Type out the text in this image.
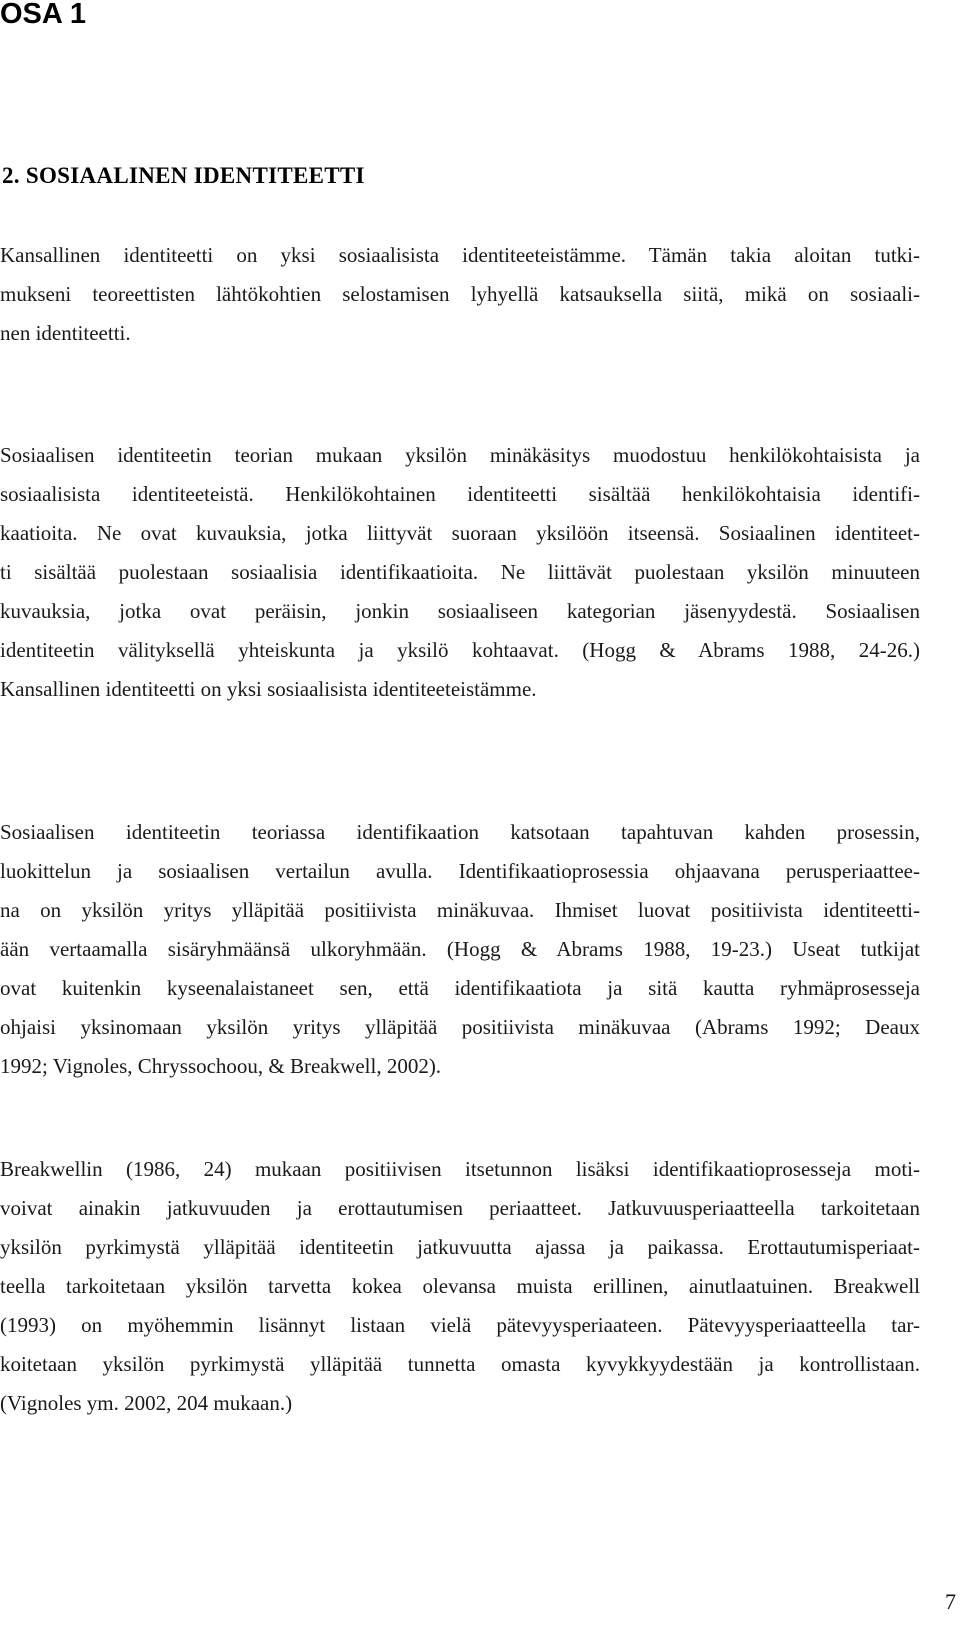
OSA 1
2. SOSIAALINEN IDENTITEETTI

Kansallinen identiteetti on yksi sosiaalisista identiteeteistämme. Tämän takia aloitan tutki-
mukseni teoreettisten lähtökohtien selostamisen lyhyellä katsauksella siitä, mikä on sosiaali-
nen identiteetti.

Sosiaalisen identiteetin teorian mukaan yksilön minäkäsitys muodostuu henkilökohtaisista ja
sosiaalisista identiteeteistä. Henkilökohtainen identiteetti sisältää henkilökohtaisia identifi-
kaatioita. Ne ovat kuvauksia, jotka liittyvät suoraan yksilöön itseensä. Sosiaalinen identiteet-
ti sisältää puolestaan sosiaalisia identifikaatioita. Ne liittävät puolestaan yksilön minuuteen
kuvauksia, jotka ovat peräisin, jonkin sosiaaliseen kategorian jäsenyydestä. Sosiaalisen
identiteetin välityksellä yhteiskunta ja yksilö kohtaavat. (Hogg & Abrams 1988, 24-26.)
Kansallinen identiteetti on yksi sosiaalisista identiteeteistämme.

Sosiaalisen identiteetin teoriassa identifikaation katsotaan tapahtuvan kahden prosessin,
luokittelun ja sosiaalisen vertailun avulla. Identifikaatioprosessia ohjaavana perusperiaattee-
na on yksilön yritys ylläpitää positiivista minäkuvaa. Ihmiset luovat positiivista identiteetti-
ään vertaamalla sisäryhmäänsä ulkoryhmään. (Hogg & Abrams 1988, 19-23.) Useat tutkijat
ovat kuitenkin kyseenalaistaneet sen, että identifikaatiota ja sitä kautta ryhmäprosesseja
ohjaisi yksinomaan yksilön yritys ylläpitää positiivista minäkuvaa (Abrams 1992; Deaux
1992; Vignoles, Chryssochoou, & Breakwell, 2002).

Breakwellin (1986, 24) mukaan positiivisen itsetunnon lisäksi identifikaatioprosesseja moti-
voivat ainakin jatkuvuuden ja erottautumisen periaatteet. Jatkuvuusperiaatteella tarkoitetaan
yksilön pyrkimystä ylläpitää identiteetin jatkuvuutta ajassa ja paikassa. Erottautumisperiaat-
teella tarkoitetaan yksilön tarvetta kokea olevansa muista erillinen, ainutlaatuinen. Breakwell
(1993) on myöhemmin lisännyt listaan vielä pätevyysperiaateen. Pätevyysperiaatteella tar-
koitetaan yksilön pyrkimystä ylläpitää tunnetta omasta kyvykkyydestään ja kontrollistaan.
(Vignoles ym. 2002, 204 mukaan.)

7
